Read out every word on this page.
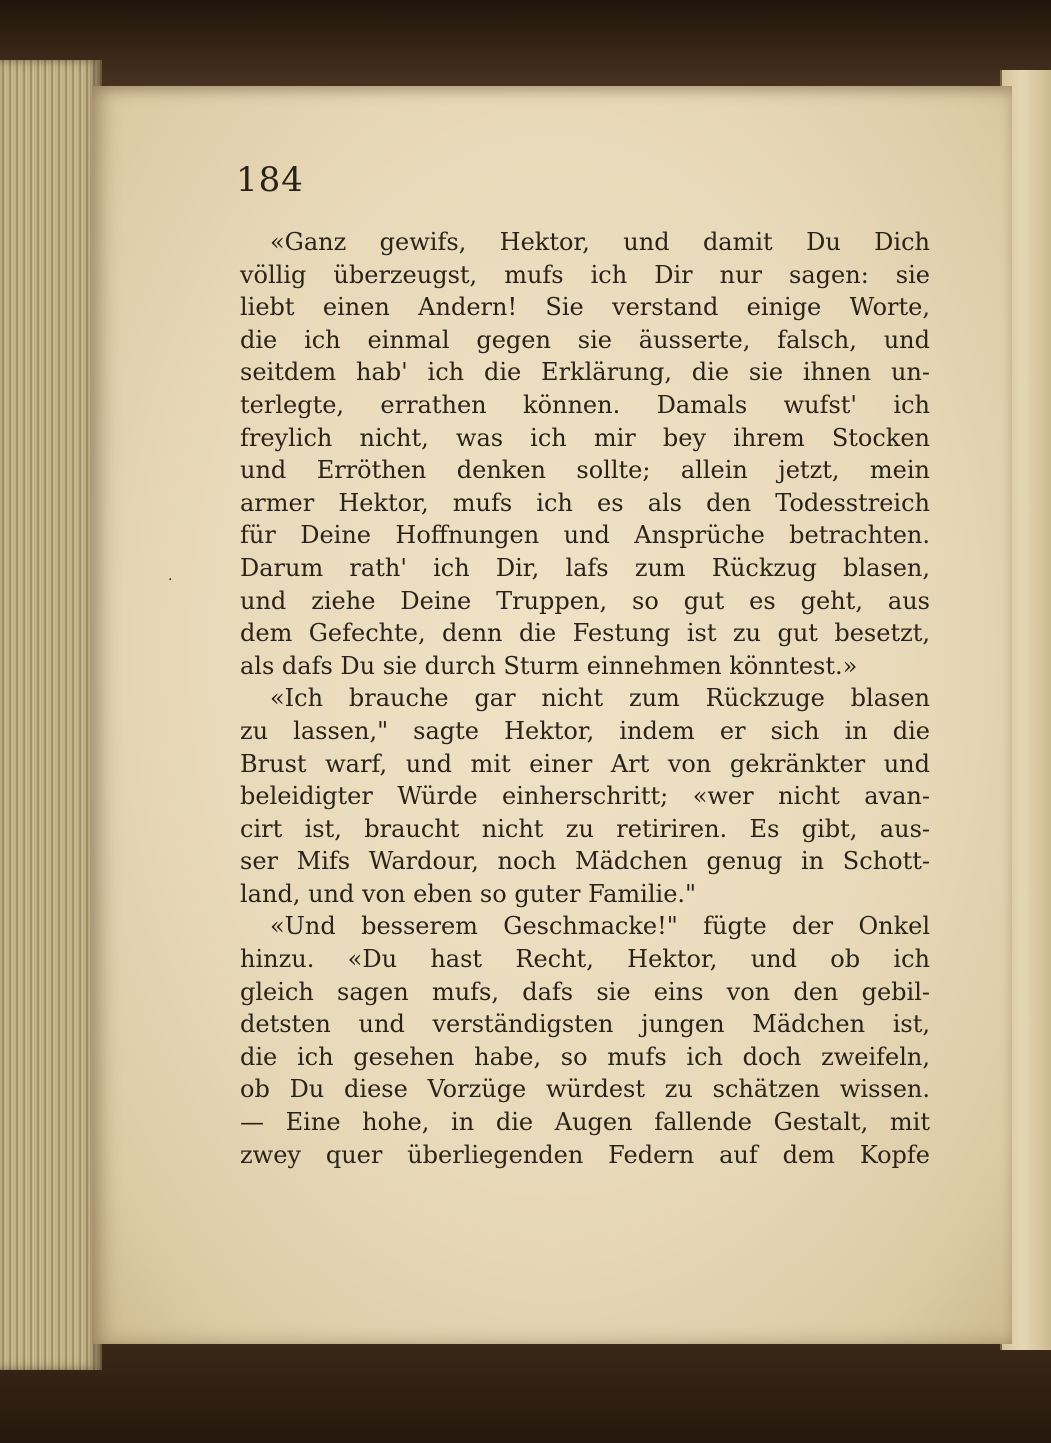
184
·
«Ganz gewifs, Hektor, und damit Du Dich
völlig überzeugst, mufs ich Dir nur sagen: sie
liebt einen Andern! Sie verstand einige Worte,
die ich einmal gegen sie äusserte, falsch, und
seitdem hab' ich die Erklärung, die sie ihnen un-
terlegte, errathen können. Damals wufst' ich
freylich nicht, was ich mir bey ihrem Stocken
und Erröthen denken sollte; allein jetzt, mein
armer Hektor, mufs ich es als den Todesstreich
für Deine Hoffnungen und Ansprüche betrachten.
Darum rath' ich Dir, lafs zum Rückzug blasen,
und ziehe Deine Truppen, so gut es geht, aus
dem Gefechte, denn die Festung ist zu gut besetzt,
als dafs Du sie durch Sturm einnehmen könntest.»
«Ich brauche gar nicht zum Rückzuge blasen
zu lassen," sagte Hektor, indem er sich in die
Brust warf, und mit einer Art von gekränkter und
beleidigter Würde einherschritt; «wer nicht avan-
cirt ist, braucht nicht zu retiriren. Es gibt, aus-
ser Mifs Wardour, noch Mädchen genug in Schott-
land, und von eben so guter Familie."
«Und besserem Geschmacke!" fügte der Onkel
hinzu. «Du hast Recht, Hektor, und ob ich
gleich sagen mufs, dafs sie eins von den gebil-
detsten und verständigsten jungen Mädchen ist,
die ich gesehen habe, so mufs ich doch zweifeln,
ob Du diese Vorzüge würdest zu schätzen wissen.
— Eine hohe, in die Augen fallende Gestalt, mit
zwey quer überliegenden Federn auf dem Kopfe
